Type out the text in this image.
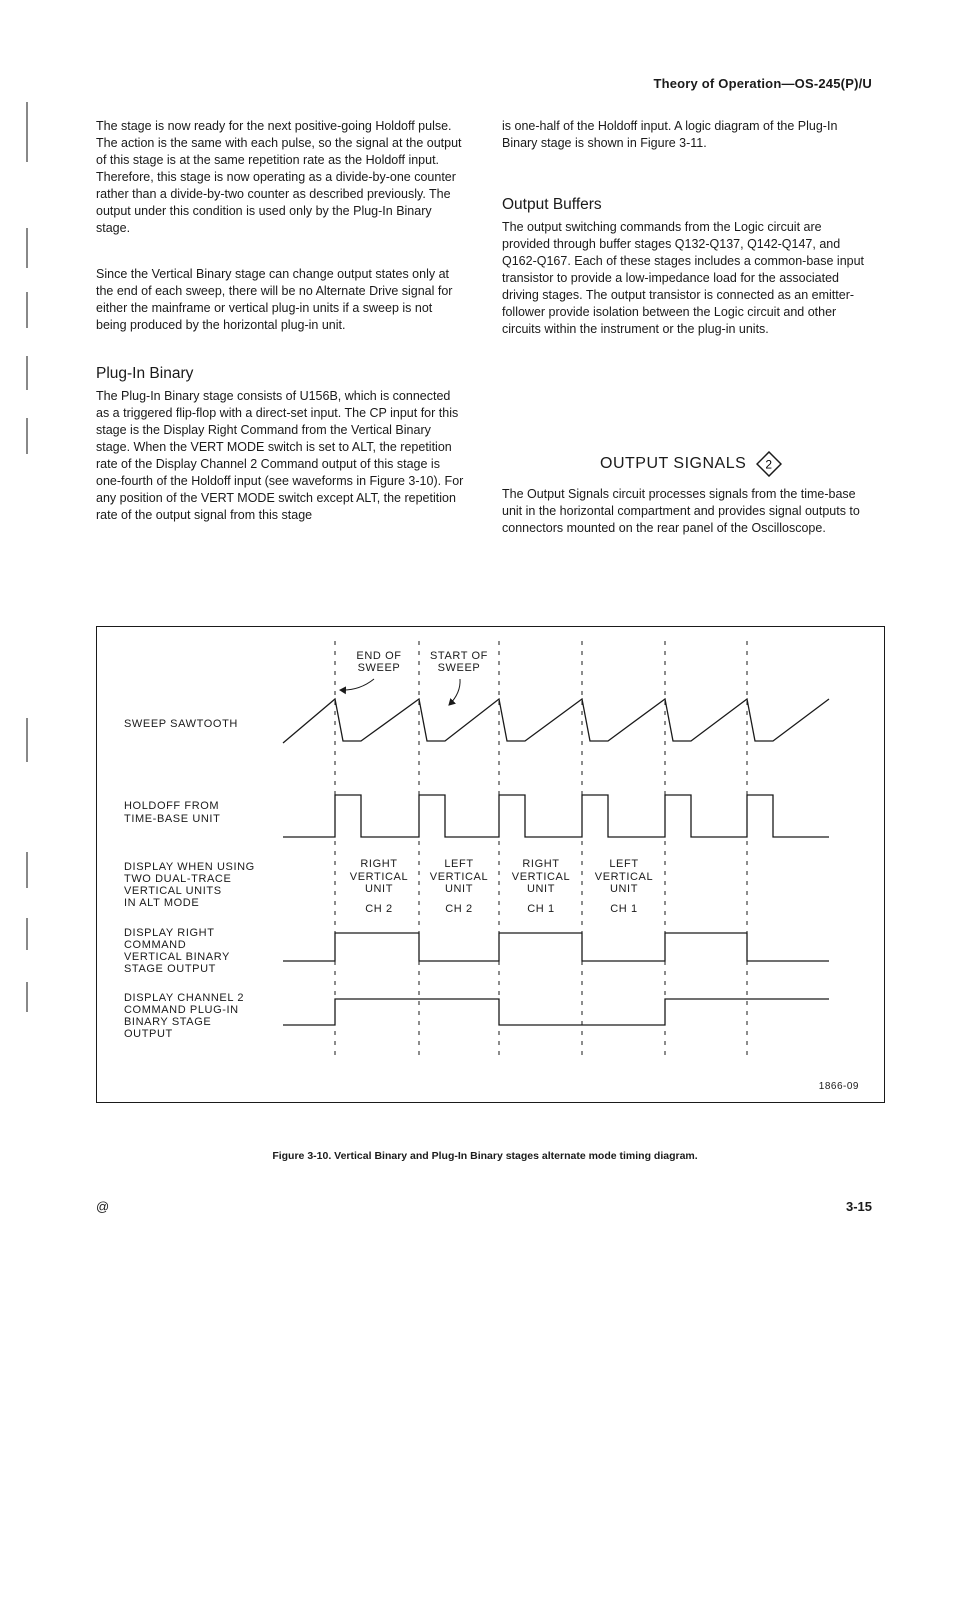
Theory of Operation—OS-245(P)/U

The stage is now ready for the next positive-going Holdoff pulse. The action is the same with each pulse, so the signal at the output of this stage is at the same repetition rate as the Holdoff input. Therefore, this stage is now operating as a divide-by-one counter rather than a divide-by-two counter as described previously. The output under this condition is used only by the Plug-In Binary stage.

Since the Vertical Binary stage can change output states only at the end of each sweep, there will be no Alternate Drive signal for either the mainframe or vertical plug-in units if a sweep is not being produced by the horizontal plug-in unit.

Plug-In Binary

The Plug-In Binary stage consists of U156B, which is connected as a triggered flip-flop with a direct-set input. The CP input for this stage is the Display Right Command from the Vertical Binary stage. When the VERT MODE switch is set to ALT, the repetition rate of the Display Channel 2 Command output of this stage is one-fourth of the Holdoff input (see waveforms in Figure 3-10). For any position of the VERT MODE switch except ALT, the repetition rate of the output signal from this stage

is one-half of the Holdoff input. A logic diagram of the Plug-In Binary stage is shown in Figure 3-11.

Output Buffers

The output switching commands from the Logic circuit are provided through buffer stages Q132-Q137, Q142-Q147, and Q162-Q167. Each of these stages includes a common-base input transistor to provide a low-impedance load for the associated driving stages. The output transistor is connected as an emitter-follower provide isolation between the Logic circuit and other circuits within the instrument or the plug-in units.

OUTPUT SIGNALS 2

The Output Signals circuit processes signals from the time-base unit in the horizontal compartment and provides signal outputs to connectors mounted on the rear panel of the Oscilloscope.

SWEEP SAWTOOTH
HOLDOFF FROM
TIME-BASE UNIT
DISPLAY WHEN USING
TWO DUAL-TRACE
VERTICAL UNITS
IN ALT MODE
DISPLAY RIGHT
COMMAND
VERTICAL BINARY
STAGE OUTPUT
DISPLAY CHANNEL 2
COMMAND PLUG-IN
BINARY STAGE
OUTPUT
END OF
SWEEP
START OF
SWEEP
RIGHT
VERTICAL
UNIT
CH 2
LEFT
VERTICAL
UNIT
CH 2
RIGHT
VERTICAL
UNIT
CH 1
LEFT
VERTICAL
UNIT
CH 1
1866-09
Figure 3-10. Vertical Binary and Plug-In Binary stages alternate mode timing diagram.
@	3-15
